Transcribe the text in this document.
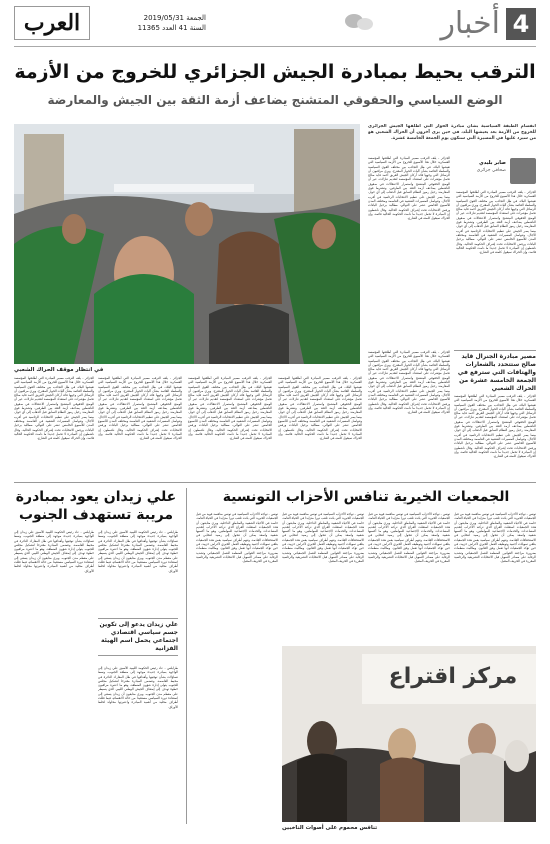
4
أخبار
الجمعة 2019/05/31
السنة 41 العدد 11365
العرب
الترقب يحيط بمبادرة الجيش الجزائري للخروج من الأزمة
الوضع السياسي والحقوقي المتشنج يضاعف أزمة الثقة بين الجيش والمعارضة
في انتظار موقف الحراك الشعبي
انقسام الطبقة السياسية بشأن مبادرة الحوار التي أطلقها الجيش الجزائري للخروج من الأزمة بعد يعيشها البلد، في حين يرى آخرون أن الحراك الشعبي هو من سيرد عليها في المسيرة التي ستكون يوم الجمعة الخامسة عشرة.
صابر بليدي
صحافي جزائري
الجزائر - يلف الترقب مصير المبادرة التي أطلقتها المؤسسة العسكرية خلال هذا الأسبوع للخروج من الأزمة السياسية التي تعيشها البلاد، في ظل التجاذب بين مختلف القوى السياسية والسلطة القائمة بشأن آليات الحوار المقترح. ويرى مراقبون أن الرسائل التي وجهها قائد أركان الجيش الفريق أحمد قايد صالح تحمل مؤشرات على استعداد المؤسسة لتقديم تنازلات، غير أن الوضع الحقوقي المتشنج واستمرار الاعتقالات في صفوف الناشطين يضاعف أزمة الثقة بين الطرفين. وتشترط قوى المعارضة رحيل رموز النظام السابق قبل الذهاب إلى أي حوار، بينما يصر الجيش على تنظيم الانتخابات الرئاسية في أقرب الآجال. وتتواصل المسيرات الشعبية في العاصمة ومختلف المدن للأسبوع الخامس عشر على التوالي، مطالبة برحيل الباءات ورفض الانتخابات تحت إشراف الحكومة الحالية. وقال ناشطون إن المبادرة لا تحمل جديدا ما دامت الحكومة الحالية قائمة، وإن الحراك سيقول كلمته في الشارع.
الجزائر - يلف الترقب مصير المبادرة التي أطلقتها المؤسسة العسكرية خلال هذا الأسبوع للخروج من الأزمة السياسية التي تعيشها البلاد، في ظل التجاذب بين مختلف القوى السياسية والسلطة القائمة بشأن آليات الحوار المقترح. ويرى مراقبون أن الرسائل التي وجهها قائد أركان الجيش الفريق أحمد قايد صالح تحمل مؤشرات على استعداد المؤسسة لتقديم تنازلات، غير أن الوضع الحقوقي المتشنج واستمرار الاعتقالات في صفوف الناشطين يضاعف أزمة الثقة بين الطرفين. وتشترط قوى المعارضة رحيل رموز النظام السابق قبل الذهاب إلى أي حوار، بينما يصر الجيش على تنظيم الانتخابات الرئاسية في أقرب الآجال. وتتواصل المسيرات الشعبية في العاصمة ومختلف المدن للأسبوع الخامس عشر على التوالي، مطالبة برحيل الباءات ورفض الانتخابات تحت إشراف الحكومة الحالية. وقال ناشطون إن المبادرة لا تحمل جديدا ما دامت الحكومة الحالية قائمة، وإن الحراك سيقول كلمته في الشارع.
مصير مبادرة الجنرال قايد صالح ستتحدد بالشعارات والهتافات التي سترفع في الجمعة الخامسة عشرة من الحراك الشعبي
الجزائر - يلف الترقب مصير المبادرة التي أطلقتها المؤسسة العسكرية خلال هذا الأسبوع للخروج من الأزمة السياسية التي تعيشها البلاد، في ظل التجاذب بين مختلف القوى السياسية والسلطة القائمة بشأن آليات الحوار المقترح. ويرى مراقبون أن الرسائل التي وجهها قائد أركان الجيش الفريق أحمد قايد صالح تحمل مؤشرات على استعداد المؤسسة لتقديم تنازلات، غير أن الوضع الحقوقي المتشنج واستمرار الاعتقالات في صفوف الناشطين يضاعف أزمة الثقة بين الطرفين. وتشترط قوى المعارضة رحيل رموز النظام السابق قبل الذهاب إلى أي حوار، بينما يصر الجيش على تنظيم الانتخابات الرئاسية في أقرب الآجال. وتتواصل المسيرات الشعبية في العاصمة ومختلف المدن للأسبوع الخامس عشر على التوالي، مطالبة برحيل الباءات ورفض الانتخابات تحت إشراف الحكومة الحالية. وقال ناشطون إن المبادرة لا تحمل جديدا ما دامت الحكومة الحالية قائمة، وإن الحراك سيقول كلمته في الشارع.
الجزائر - يلف الترقب مصير المبادرة التي أطلقتها المؤسسة العسكرية خلال هذا الأسبوع للخروج من الأزمة السياسية التي تعيشها البلاد، في ظل التجاذب بين مختلف القوى السياسية والسلطة القائمة بشأن آليات الحوار المقترح. ويرى مراقبون أن الرسائل التي وجهها قائد أركان الجيش الفريق أحمد قايد صالح تحمل مؤشرات على استعداد المؤسسة لتقديم تنازلات، غير أن الوضع الحقوقي المتشنج واستمرار الاعتقالات في صفوف الناشطين يضاعف أزمة الثقة بين الطرفين. وتشترط قوى المعارضة رحيل رموز النظام السابق قبل الذهاب إلى أي حوار، بينما يصر الجيش على تنظيم الانتخابات الرئاسية في أقرب الآجال. وتتواصل المسيرات الشعبية في العاصمة ومختلف المدن للأسبوع الخامس عشر على التوالي، مطالبة برحيل الباءات ورفض الانتخابات تحت إشراف الحكومة الحالية. وقال ناشطون إن المبادرة لا تحمل جديدا ما دامت الحكومة الحالية قائمة، وإن الحراك سيقول كلمته في الشارع.
الجزائر - يلف الترقب مصير المبادرة التي أطلقتها المؤسسة العسكرية خلال هذا الأسبوع للخروج من الأزمة السياسية التي تعيشها البلاد، في ظل التجاذب بين مختلف القوى السياسية والسلطة القائمة بشأن آليات الحوار المقترح. ويرى مراقبون أن الرسائل التي وجهها قائد أركان الجيش الفريق أحمد قايد صالح تحمل مؤشرات على استعداد المؤسسة لتقديم تنازلات، غير أن الوضع الحقوقي المتشنج واستمرار الاعتقالات في صفوف الناشطين يضاعف أزمة الثقة بين الطرفين. وتشترط قوى المعارضة رحيل رموز النظام السابق قبل الذهاب إلى أي حوار، بينما يصر الجيش على تنظيم الانتخابات الرئاسية في أقرب الآجال. وتتواصل المسيرات الشعبية في العاصمة ومختلف المدن للأسبوع الخامس عشر على التوالي، مطالبة برحيل الباءات ورفض الانتخابات تحت إشراف الحكومة الحالية. وقال ناشطون إن المبادرة لا تحمل جديدا ما دامت الحكومة الحالية قائمة، وإن الحراك سيقول كلمته في الشارع.
الجزائر - يلف الترقب مصير المبادرة التي أطلقتها المؤسسة العسكرية خلال هذا الأسبوع للخروج من الأزمة السياسية التي تعيشها البلاد، في ظل التجاذب بين مختلف القوى السياسية والسلطة القائمة بشأن آليات الحوار المقترح. ويرى مراقبون أن الرسائل التي وجهها قائد أركان الجيش الفريق أحمد قايد صالح تحمل مؤشرات على استعداد المؤسسة لتقديم تنازلات، غير أن الوضع الحقوقي المتشنج واستمرار الاعتقالات في صفوف الناشطين يضاعف أزمة الثقة بين الطرفين. وتشترط قوى المعارضة رحيل رموز النظام السابق قبل الذهاب إلى أي حوار، بينما يصر الجيش على تنظيم الانتخابات الرئاسية في أقرب الآجال. وتتواصل المسيرات الشعبية في العاصمة ومختلف المدن للأسبوع الخامس عشر على التوالي، مطالبة برحيل الباءات ورفض الانتخابات تحت إشراف الحكومة الحالية. وقال ناشطون إن المبادرة لا تحمل جديدا ما دامت الحكومة الحالية قائمة، وإن الحراك سيقول كلمته في الشارع.
الجزائر - يلف الترقب مصير المبادرة التي أطلقتها المؤسسة العسكرية خلال هذا الأسبوع للخروج من الأزمة السياسية التي تعيشها البلاد، في ظل التجاذب بين مختلف القوى السياسية والسلطة القائمة بشأن آليات الحوار المقترح. ويرى مراقبون أن الرسائل التي وجهها قائد أركان الجيش الفريق أحمد قايد صالح تحمل مؤشرات على استعداد المؤسسة لتقديم تنازلات، غير أن الوضع الحقوقي المتشنج واستمرار الاعتقالات في صفوف الناشطين يضاعف أزمة الثقة بين الطرفين. وتشترط قوى المعارضة رحيل رموز النظام السابق قبل الذهاب إلى أي حوار، بينما يصر الجيش على تنظيم الانتخابات الرئاسية في أقرب الآجال. وتتواصل المسيرات الشعبية في العاصمة ومختلف المدن للأسبوع الخامس عشر على التوالي، مطالبة برحيل الباءات ورفض الانتخابات تحت إشراف الحكومة الحالية. وقال ناشطون إن المبادرة لا تحمل جديدا ما دامت الحكومة الحالية قائمة، وإن الحراك سيقول كلمته في الشارع.
الجزائر - يلف الترقب مصير المبادرة التي أطلقتها المؤسسة العسكرية خلال هذا الأسبوع للخروج من الأزمة السياسية التي تعيشها البلاد، في ظل التجاذب بين مختلف القوى السياسية والسلطة القائمة بشأن آليات الحوار المقترح. ويرى مراقبون أن الرسائل التي وجهها قائد أركان الجيش الفريق أحمد قايد صالح تحمل مؤشرات على استعداد المؤسسة لتقديم تنازلات، غير أن الوضع الحقوقي المتشنج واستمرار الاعتقالات في صفوف الناشطين يضاعف أزمة الثقة بين الطرفين. وتشترط قوى المعارضة رحيل رموز النظام السابق قبل الذهاب إلى أي حوار، بينما يصر الجيش على تنظيم الانتخابات الرئاسية في أقرب الآجال. وتتواصل المسيرات الشعبية في العاصمة ومختلف المدن للأسبوع الخامس عشر على التوالي، مطالبة برحيل الباءات ورفض الانتخابات تحت إشراف الحكومة الحالية. وقال ناشطون إن المبادرة لا تحمل جديدا ما دامت الحكومة الحالية قائمة، وإن الحراك سيقول كلمته في الشارع.
الجمعيات الخيرية تنافس الأحزاب التونسية
تونس - تواجه الأحزاب السياسية في تونس منافسة قوية من قبل الجمعيات الخيرية التي باتت تلعب دورا متزايدا في الحياة العامة، خاصة في الأحياء الشعبية والمناطق الداخلية. ويرى متابعون أن هذه الجمعيات استغلت الفراغ الذي تركته الأحزاب لتقديم المساعدات والخدمات الاجتماعية للمواطنين، وهو ما أكسبها شعبية واسعة يمكن أن تتحول إلى رصيد انتخابي في الاستحقاقات القادمة. وتتهم أطراف سياسية بعض هذه الجمعيات بتلقي تمويلات أجنبية وتوظيف العمل الخيري لأغراض حزبية، في حين تؤكد الجمعيات أنها تعمل وفق القانون. وطالبت منظمات بضرورة مراجعة القوانين المنظمة للعمل الجمعياتي وتشديد الرقابة على مصادر التمويل قبل الانتخابات التشريعية والرئاسية المقررة في الخريف المقبل.
تونس - تواجه الأحزاب السياسية في تونس منافسة قوية من قبل الجمعيات الخيرية التي باتت تلعب دورا متزايدا في الحياة العامة، خاصة في الأحياء الشعبية والمناطق الداخلية. ويرى متابعون أن هذه الجمعيات استغلت الفراغ الذي تركته الأحزاب لتقديم المساعدات والخدمات الاجتماعية للمواطنين، وهو ما أكسبها شعبية واسعة يمكن أن تتحول إلى رصيد انتخابي في الاستحقاقات القادمة. وتتهم أطراف سياسية بعض هذه الجمعيات بتلقي تمويلات أجنبية وتوظيف العمل الخيري لأغراض حزبية، في حين تؤكد الجمعيات أنها تعمل وفق القانون. وطالبت منظمات بضرورة مراجعة القوانين المنظمة للعمل الجمعياتي وتشديد الرقابة على مصادر التمويل قبل الانتخابات التشريعية والرئاسية المقررة في الخريف المقبل.
تونس - تواجه الأحزاب السياسية في تونس منافسة قوية من قبل الجمعيات الخيرية التي باتت تلعب دورا متزايدا في الحياة العامة، خاصة في الأحياء الشعبية والمناطق الداخلية. ويرى متابعون أن هذه الجمعيات استغلت الفراغ الذي تركته الأحزاب لتقديم المساعدات والخدمات الاجتماعية للمواطنين، وهو ما أكسبها شعبية واسعة يمكن أن تتحول إلى رصيد انتخابي في الاستحقاقات القادمة. وتتهم أطراف سياسية بعض هذه الجمعيات بتلقي تمويلات أجنبية وتوظيف العمل الخيري لأغراض حزبية، في حين تؤكد الجمعيات أنها تعمل وفق القانون. وطالبت منظمات بضرورة مراجعة القوانين المنظمة للعمل الجمعياتي وتشديد الرقابة على مصادر التمويل قبل الانتخابات التشريعية والرئاسية المقررة في الخريف المقبل.
تونس - تواجه الأحزاب السياسية في تونس منافسة قوية من قبل الجمعيات الخيرية التي باتت تلعب دورا متزايدا في الحياة العامة، خاصة في الأحياء الشعبية والمناطق الداخلية. ويرى متابعون أن هذه الجمعيات استغلت الفراغ الذي تركته الأحزاب لتقديم المساعدات والخدمات الاجتماعية للمواطنين، وهو ما أكسبها شعبية واسعة يمكن أن تتحول إلى رصيد انتخابي في الاستحقاقات القادمة. وتتهم أطراف سياسية بعض هذه الجمعيات بتلقي تمويلات أجنبية وتوظيف العمل الخيري لأغراض حزبية، في حين تؤكد الجمعيات أنها تعمل وفق القانون. وطالبت منظمات بضرورة مراجعة القوانين المنظمة للعمل الجمعياتي وتشديد الرقابة على مصادر التمويل قبل الانتخابات التشريعية والرئاسية المقررة في الخريف المقبل.
مركز اقتراع
تنافس محموم على أصوات الناخبين
علي زيدان يعود بمبادرة مريبة تستهدف الجنوب
طرابلس - عاد رئيس الحكومة الليبية الأسبق علي زيدان إلى الواجهة بمبادرة جديدة موجهة إلى منطقة الجنوب، وسط تساؤلات بشأن توقيتها وأهدافها في ظل المعارك الدائرة في محيط العاصمة. وتتضمن المبادرة مقترحا لتشكيل مجلس للجنوب يتولى إدارة شؤون المنطقة، وهو ما اعتبره مراقبون خطوة تهدف إلى إضعاف الجيش الوطني الليبي الذي يسيطر على معظم مدن الجنوب. ويرى متابعون أن زيدان يسعى إلى استعادة دوره السياسي مستفيدا من حالة الانقسام، فيما قللت أطراف محلية من أهمية المبادرة واعتبرتها محاولة لخلط الأوراق.
طرابلس - عاد رئيس الحكومة الليبية الأسبق علي زيدان إلى الواجهة بمبادرة جديدة موجهة إلى منطقة الجنوب، وسط تساؤلات بشأن توقيتها وأهدافها في ظل المعارك الدائرة في محيط العاصمة. وتتضمن المبادرة مقترحا لتشكيل مجلس للجنوب يتولى إدارة شؤون المنطقة، وهو ما اعتبره مراقبون خطوة تهدف إلى إضعاف الجيش الوطني الليبي الذي يسيطر على معظم مدن الجنوب. ويرى متابعون أن زيدان يسعى إلى استعادة دوره السياسي مستفيدا من حالة الانقسام، فيما قللت أطراف محلية من أهمية المبادرة واعتبرتها محاولة لخلط الأوراق.
علي زيدان يدعو إلى تكوين جسم سياسي اقتصادي اجتماعي يحمل اسم الهيئة الفزانية
طرابلس - عاد رئيس الحكومة الليبية الأسبق علي زيدان إلى الواجهة بمبادرة جديدة موجهة إلى منطقة الجنوب، وسط تساؤلات بشأن توقيتها وأهدافها في ظل المعارك الدائرة في محيط العاصمة. وتتضمن المبادرة مقترحا لتشكيل مجلس للجنوب يتولى إدارة شؤون المنطقة، وهو ما اعتبره مراقبون خطوة تهدف إلى إضعاف الجيش الوطني الليبي الذي يسيطر على معظم مدن الجنوب. ويرى متابعون أن زيدان يسعى إلى استعادة دوره السياسي مستفيدا من حالة الانقسام، فيما قللت أطراف محلية من أهمية المبادرة واعتبرتها محاولة لخلط الأوراق.
